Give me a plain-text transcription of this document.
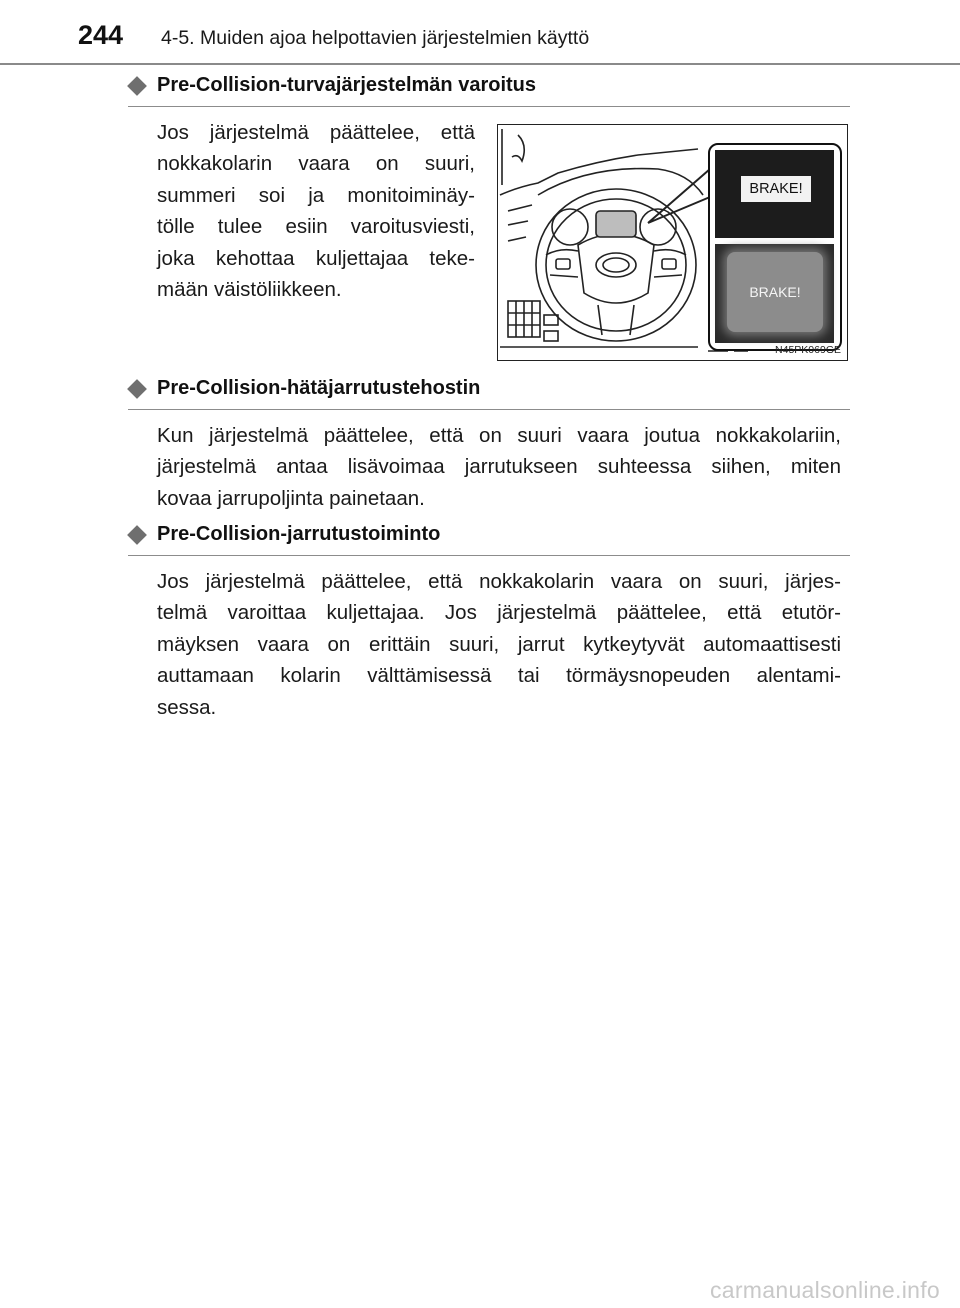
244 4-5. Muiden ajoa helpottavien järjestelmien käyttö
Pre-Collision-turvajärjestelmän varoitus
Jos järjestelmä päättelee, että
nokkakolarin vaara on suuri,
summeri soi ja monitoiminäy-
tölle tulee esiin varoitusviesti,
joka kehottaa kuljettajaa teke-
mään väistöliikkeen.
BRAKE!
BRAKE!
N45PK069GE
Pre-Collision-hätäjarrutustehostin
Kun järjestelmä päättelee, että on suuri vaara joutua nokkakolariin,
järjestelmä antaa lisävoimaa jarrutukseen suhteessa siihen, miten
kovaa jarrupoljinta painetaan.
Pre-Collision-jarrutustoiminto
Jos järjestelmä päättelee, että nokkakolarin vaara on suuri, järjes-
telmä varoittaa kuljettajaa. Jos järjestelmä päättelee, että etutör-
mäyksen vaara on erittäin suuri, jarrut kytkeytyvät automaattisesti
auttamaan kolarin välttämisessä tai törmäysnopeuden alentami-
sessa.
carmanualsonline.info
